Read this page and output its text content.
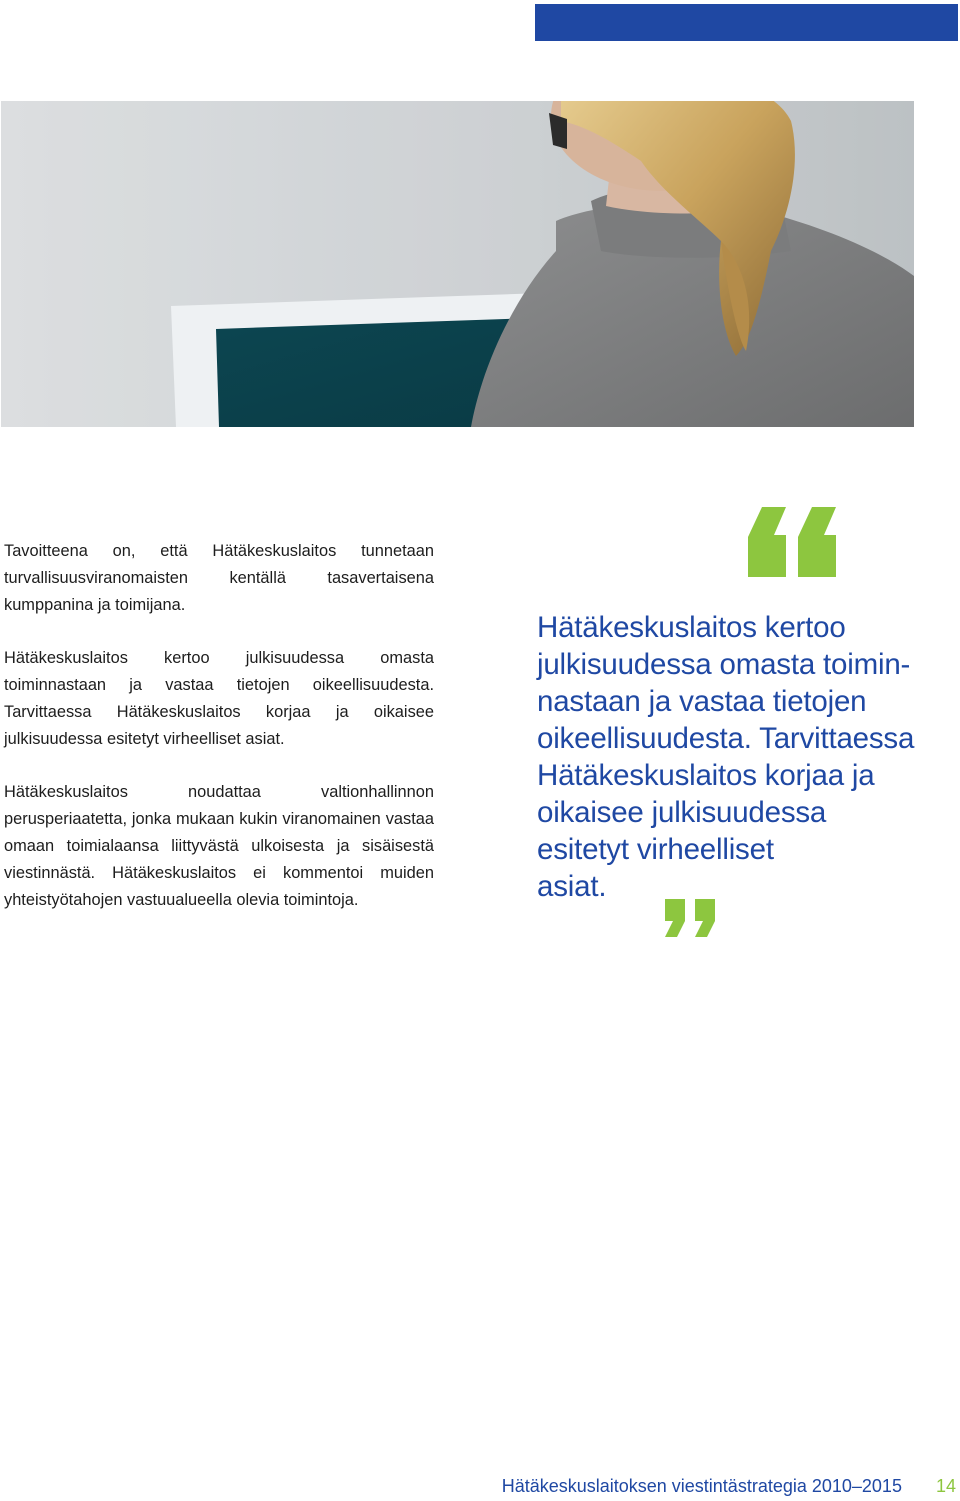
Tavoitteena on, että Hätäkeskuslaitos tunnetaan turvallisuusviranomaisten kentällä tasavertaisena kumppanina ja toimijana.

Hätäkeskuslaitos kertoo julkisuudessa omasta toiminnastaan ja vastaa tietojen oikeellisuudesta. Tarvittaessa Hätäkeskuslaitos korjaa ja oikaisee julkisuudessa esitetyt virheelliset asiat.

Hätäkeskuslaitos noudattaa valtionhallinnon perusperiaatetta, jonka mukaan kukin viranomainen vastaa omaan toimialaansa liittyvästä ulkoisesta ja sisäisestä viestinnästä. Hätäkeskuslaitos ei kommentoi muiden yhteistyötahojen vastuualueella olevia toimintoja.

Hätäkeskuslaitos kertoo
julkisuudessa omasta toimin-
nastaan ja vastaa tietojen
oikeellisuudesta. Tarvittaessa
Hätäkeskuslaitos korjaa ja
oikaisee julkisuudessa
esitetyt virheelliset
asiat.
Hätäkeskuslaitoksen viestintästrategia 2010–2015 14
